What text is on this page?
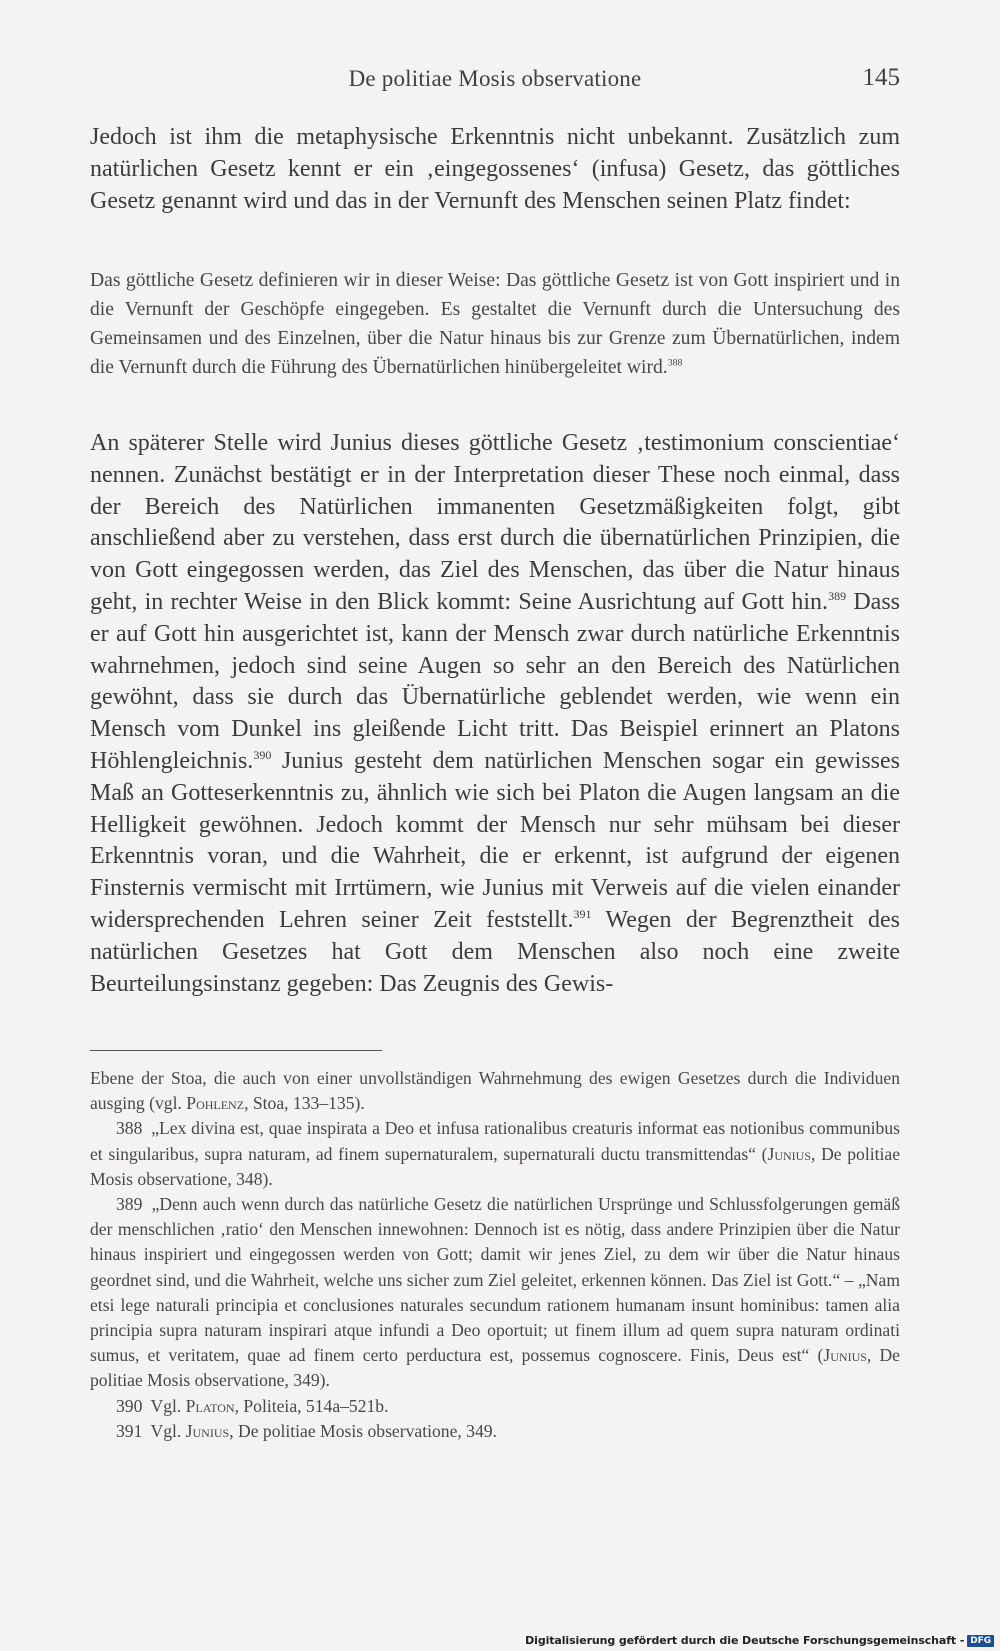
De politiae Mosis observatione	145

Jedoch ist ihm die metaphysische Erkenntnis nicht unbekannt. Zusätzlich zum natürlichen Gesetz kennt er ein ‚eingegossenes‘ (infusa) Gesetz, das göttliches Gesetz genannt wird und das in der Vernunft des Menschen seinen Platz findet:

Das göttliche Gesetz definieren wir in dieser Weise: Das göttliche Gesetz ist von Gott inspiriert und in die Vernunft der Geschöpfe eingegeben. Es gestaltet die Vernunft durch die Untersuchung des Gemeinsamen und des Einzelnen, über die Natur hinaus bis zur Grenze zum Übernatürlichen, indem die Vernunft durch die Führung des Übernatürlichen hinübergeleitet wird.$^{388}$

An späterer Stelle wird Junius dieses göttliche Gesetz ‚testimonium conscientiae‘ nennen. Zunächst bestätigt er in der Interpretation dieser These noch einmal, dass der Bereich des Natürlichen immanenten Gesetzmäßigkeiten folgt, gibt anschließend aber zu verstehen, dass erst durch die übernatürlichen Prinzipien, die von Gott eingegossen werden, das Ziel des Menschen, das über die Natur hinaus geht, in rechter Weise in den Blick kommt: Seine Ausrichtung auf Gott hin.$^{389}$ Dass er auf Gott hin ausgerichtet ist, kann der Mensch zwar durch natürliche Erkenntnis wahrnehmen, jedoch sind seine Augen so sehr an den Bereich des Natürlichen gewöhnt, dass sie durch das Übernatürliche geblendet werden, wie wenn ein Mensch vom Dunkel ins gleißende Licht tritt. Das Beispiel erinnert an Platons Höhlengleichnis.$^{390}$ Junius gesteht dem natürlichen Menschen sogar ein gewisses Maß an Gotteserkenntnis zu, ähnlich wie sich bei Platon die Augen langsam an die Helligkeit gewöhnen. Jedoch kommt der Mensch nur sehr mühsam bei dieser Erkenntnis voran, und die Wahrheit, die er erkennt, ist aufgrund der eigenen Finsternis vermischt mit Irrtümern, wie Junius mit Verweis auf die vielen einander widersprechenden Lehren seiner Zeit feststellt.$^{391}$ Wegen der Begrenztheit des natürlichen Gesetzes hat Gott dem Menschen also noch eine zweite Beurteilungsinstanz gegeben: Das Zeugnis des Gewis-

Ebene der Stoa, die auch von einer unvollständigen Wahrnehmung des ewigen Gesetzes durch die Individuen ausging (vgl. Pohlenz, Stoa, 133–135).

388 „Lex divina est, quae inspirata a Deo et infusa rationalibus creaturis informat eas notionibus communibus et singularibus, supra naturam, ad finem supernaturalem, supernaturali ductu transmittendas“ (Junius, De politiae Mosis observatione, 348).

389 „Denn auch wenn durch das natürliche Gesetz die natürlichen Ursprünge und Schlussfolgerungen gemäß der menschlichen ‚ratio‘ den Menschen innewohnen: Dennoch ist es nötig, dass andere Prinzipien über die Natur hinaus inspiriert und eingegossen werden von Gott; damit wir jenes Ziel, zu dem wir über die Natur hinaus geordnet sind, und die Wahrheit, welche uns sicher zum Ziel geleitet, erkennen können. Das Ziel ist Gott.“ – „Nam etsi lege naturali principia et conclusiones naturales secundum rationem humanam insunt hominibus: tamen alia principia supra naturam inspirari atque infundi a Deo oportuit; ut finem illum ad quem supra naturam ordinati sumus, et veritatem, quae ad finem certo perductura est, possemus cognoscere. Finis, Deus est“ (Junius, De politiae Mosis observatione, 349).

390 Vgl. Platon, Politeia, 514a–521b.

391 Vgl. Junius, De politiae Mosis observatione, 349.

Digitalisierung gefördert durch die Deutsche Forschungsgemeinschaft - DFG
